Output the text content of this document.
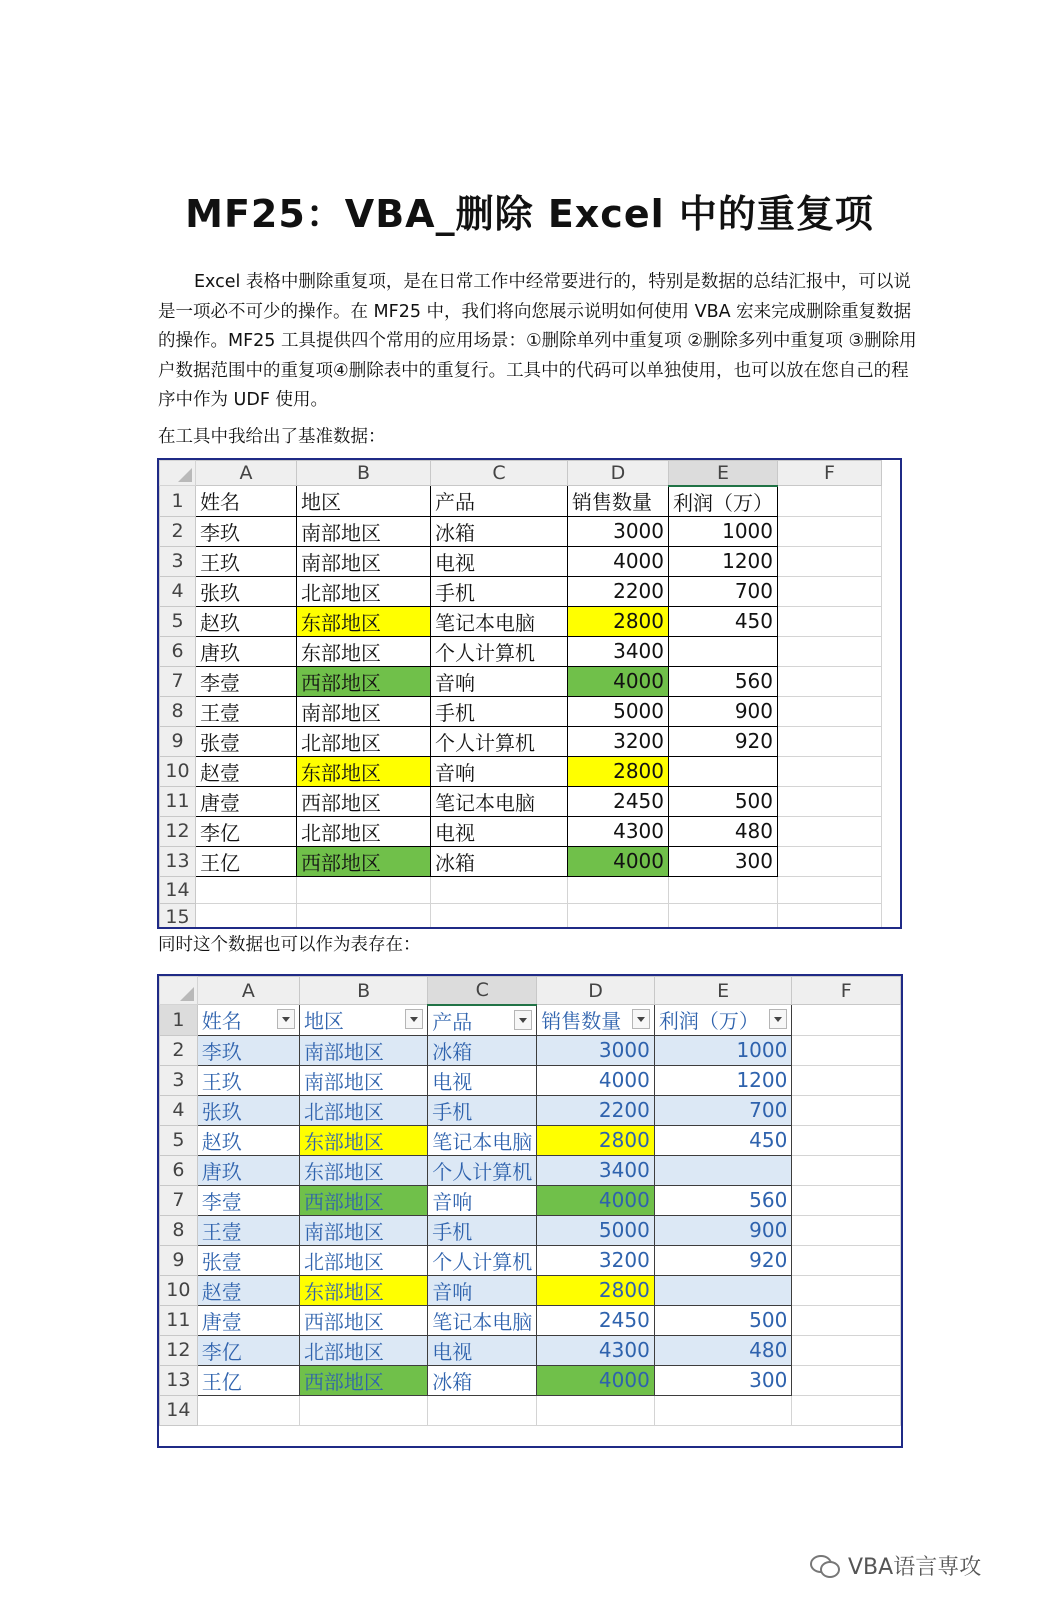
MF25：VBA_删除 Excel 中的重复项
Excel 表格中删除重复项，是在日常工作中经常要进行的，特别是数据的总结汇报中，可以说是一项必不可少的操作。在 MF25 中，我们将向您展示说明如何使用 VBA 宏来完成删除重复数据的操作。MF25 工具提供四个常用的应用场景：①删除单列中重复项 ②删除多列中重复项 ③删除用户数据范围中的重复项④删除表中的重复行。工具中的代码可以单独使用，也可以放在您自己的程序中作为 UDF 使用。
在工具中我给出了基准数据：
	A	B	C	D	E	F
1	姓名	地区	产品	销售数量	利润（万）	
2	李玖	南部地区	冰箱	3000	1000	
3	王玖	南部地区	电视	4000	1200	
4	张玖	北部地区	手机	2200	700	
5	赵玖	东部地区	笔记本电脑	2800	450	
6	唐玖	东部地区	个人计算机	3400		
7	李壹	西部地区	音响	4000	560	
8	王壹	南部地区	手机	5000	900	
9	张壹	北部地区	个人计算机	3200	920	
10	赵壹	东部地区	音响	2800		
11	唐壹	西部地区	笔记本电脑	2450	500	
12	李亿	北部地区	电视	4300	480	
13	王亿	西部地区	冰箱	4000	300	
14						
15						
同时这个数据也可以作为表存在：
	A	B	C	D	E	F
1	姓名	地区	产品	销售数量	利润（万）

2	李玖	南部地区	冰箱	3000	1000	
3	王玖	南部地区	电视	4000	1200	
4	张玖	北部地区	手机	2200	700	
5	赵玖	东部地区	笔记本电脑	2800	450	
6	唐玖	东部地区	个人计算机	3400		
7	李壹	西部地区	音响	4000	560	
8	王壹	南部地区	手机	5000	900	
9	张壹	北部地区	个人计算机	3200	920	
10	赵壹	东部地区	音响	2800		
11	唐壹	西部地区	笔记本电脑	2450	500	
12	李亿	北部地区	电视	4300	480	
13	王亿	西部地区	冰箱	4000	300	
14						
VBA语言専攻
